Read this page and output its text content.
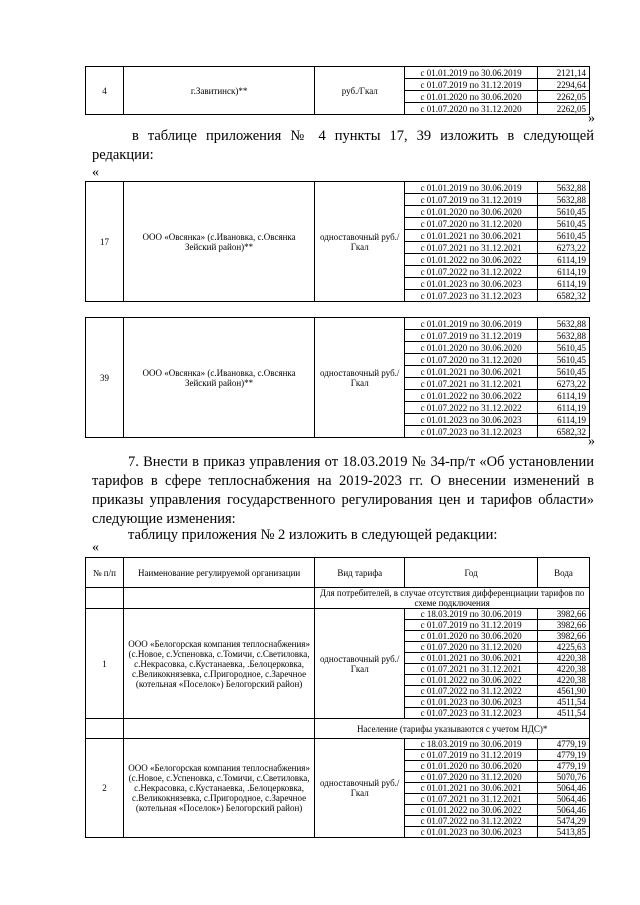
4	г.Завитинск)**	руб./Гкал	с 01.01.2019 по 30.06.2019	2121,14
			с 01.07.2019 по 31.12.2019	2294,64
			с 01.01.2020 по 30.06.2020	2262,05
			с 01.07.2020 по 31.12.2020	2262,05
»
в таблице приложения № 4 пункты 17, 39 изложить в следующей редакции:
«
17	ООО «Овсянка» (с.Ивановка, с.Овсянка Зейский район)**	одноставочный руб./Гкал	с 01.01.2019 по 30.06.2019	5632,88
			с 01.07.2019 по 31.12.2019	5632,88
			с 01.01.2020 по 30.06.2020	5610,45
			с 01.07.2020 по 31.12.2020	5610,45
			с 01.01.2021 по 30.06.2021	5610,45
			с 01.07.2021 по 31.12.2021	6273,22
			с 01.01.2022 по 30.06.2022	6114,19
			с 01.07.2022 по 31.12.2022	6114,19
			с 01.01.2023 по 30.06.2023	6114,19
			с 01.07.2023 по 31.12.2023	6582,32
39	ООО «Овсянка» (с.Ивановка, с.Овсянка Зейский район)**	одноставочный руб./Гкал	с 01.01.2019 по 30.06.2019	5632,88
			с 01.07.2019 по 31.12.2019	5632,88
			с 01.01.2020 по 30.06.2020	5610,45
			с 01.07.2020 по 31.12.2020	5610,45
			с 01.01.2021 по 30.06.2021	5610,45
			с 01.07.2021 по 31.12.2021	6273,22
			с 01.01.2022 по 30.06.2022	6114,19
			с 01.07.2022 по 31.12.2022	6114,19
			с 01.01.2023 по 30.06.2023	6114,19
			с 01.07.2023 по 31.12.2023	6582,32
»
7. Внести в приказ управления от 18.03.2019 № 34-пр/т «Об установлении тарифов в сфере теплоснабжения на 2019-2023 гг. О внесении изменений в приказы управления государственного регулирования цен и тарифов области» следующие изменения:
таблицу приложения № 2 изложить в следующей редакции:
«
№ п/п	Наименование регулируемой организации	Вид тарифа	Год	Вода
		Для потребителей, в случае отсутствия дифференциации тарифов по схеме подключения		
1	ООО «Белогорская компания теплоснабжения» (с.Новое, с.Успеновка, с.Томичи, с.Светиловка, с.Некрасовка, с.Кустанаевка, .Белоцерковка, с.Великокнязевка, с.Пригородное, с.Заречное (котельная «Поселок») Белогорский район)	одноставочный руб./Гкал	с 18.03.2019 по 30.06.2019	3982,66
			с 01.07.2019 по 31.12.2019	3982,66
			с 01.01.2020 по 30.06.2020	3982,66
			с 01.07.2020 по 31.12.2020	4225,63
			с 01.01.2021 по 30.06.2021	4220,38
			с 01.07.2021 по 31.12.2021	4220,38
			с 01.01.2022 по 30.06.2022	4220,38
			с 01.07.2022 по 31.12.2022	4561,90
			с 01.01.2023 по 30.06.2023	4511,54
			с 01.07.2023 по 31.12.2023	4511,54
		Население (тарифы указываются с учетом НДС)*		
2	ООО «Белогорская компания теплоснабжения» (с.Новое, с.Успеновка, с.Томичи, с.Светиловка, с.Некрасовка, с.Кустанаевка, .Белоцерковка, с.Великокнязевка, с.Пригородное, с.Заречное (котельная «Поселок») Белогорский район)	одноставочный руб./Гкал	с 18.03.2019 по 30.06.2019	4779,19
			с 01.07.2019 по 31.12.2019	4779,19
			с 01.01.2020 по 30.06.2020	4779,19
			с 01.07.2020 по 31.12.2020	5070,76
			с 01.01.2021 по 30.06.2021	5064,46
			с 01.07.2021 по 31.12.2021	5064,46
			с 01.01.2022 по 30.06.2022	5064,46
			с 01.07.2022 по 31.12.2022	5474,29
			с 01.01.2023 по 30.06.2023	5413,85
